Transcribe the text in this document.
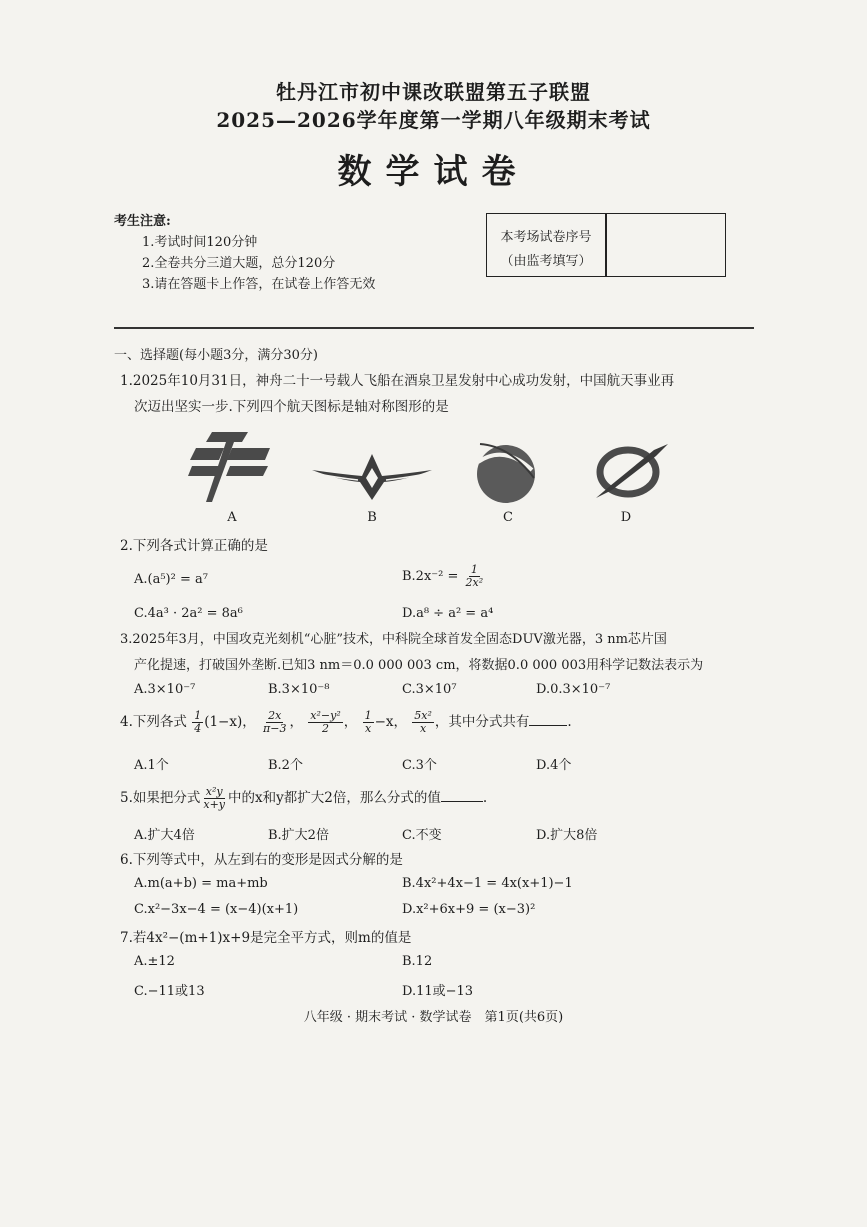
牡丹江市初中课改联盟第五子联盟
2025—2026学年度第一学期八年级期末考试
数学试卷
考生注意:
1.考试时间120分钟
2.全卷共分三道大题，总分120分
3.请在答题卡上作答，在试卷上作答无效
本考场试卷序号
（由监考填写）
一、选择题(每小题3分，满分30分)
1.2025年10月31日，神舟二十一号载人飞船在酒泉卫星发射中心成功发射，中国航天事业再
次迈出坚实一步.下列四个航天图标是轴对称图形的是
A	B	C	D
2.下列各式计算正确的是
A.(a⁵)² = a⁷	$B.2x^{-2} = \frac{1}{\text{2x²}}$
C.4a³ · 2a² = 8a⁶	D.a⁸ ÷ a² = a⁴
3.2025年3月，中国攻克光刻机“心脏”技术，中科院全球首发全固态DUV激光器，3 nm芯片国
产化提速，打破国外垄断.已知3 nm＝0.0 000 003 cm，将数据0.0 000 003用科学记数法表示为
A.3×10⁻⁷	B.3×10⁻⁸	C.3×10⁷	D.0.3×10⁻⁷
4.下列各式 $\frac{1}{4} (1-x)$， $\frac{2x}{\pi-3}$ ， $\frac{\text{x²−y²}}{2}$ ， $\frac{1}{x} -x$， $\frac{\text{5x²}}{x}$ ，其中分式共有	.
A.1个	B.2个	C.3个	D.4个
5.如果把分式 $\frac{\text{x²y}}{x+y}$ 中的x和y都扩大2倍，那么分式的值	.
A.扩大4倍	B.扩大2倍	C.不变	D.扩大8倍
6.下列等式中，从左到右的变形是因式分解的是
A.m(a+b) = ma+mb	B.4x²+4x−1 = 4x(x+1)−1
C.x²−3x−4 = (x−4)(x+1)	D.x²+6x+9 = (x−3)²
7.若4x²−(m+1)x+9是完全平方式，则m的值是
A.±12	B.12
C.−11或13	D.11或−13
八年级 · 期末考试 · 数学试卷　第1页(共6页)
